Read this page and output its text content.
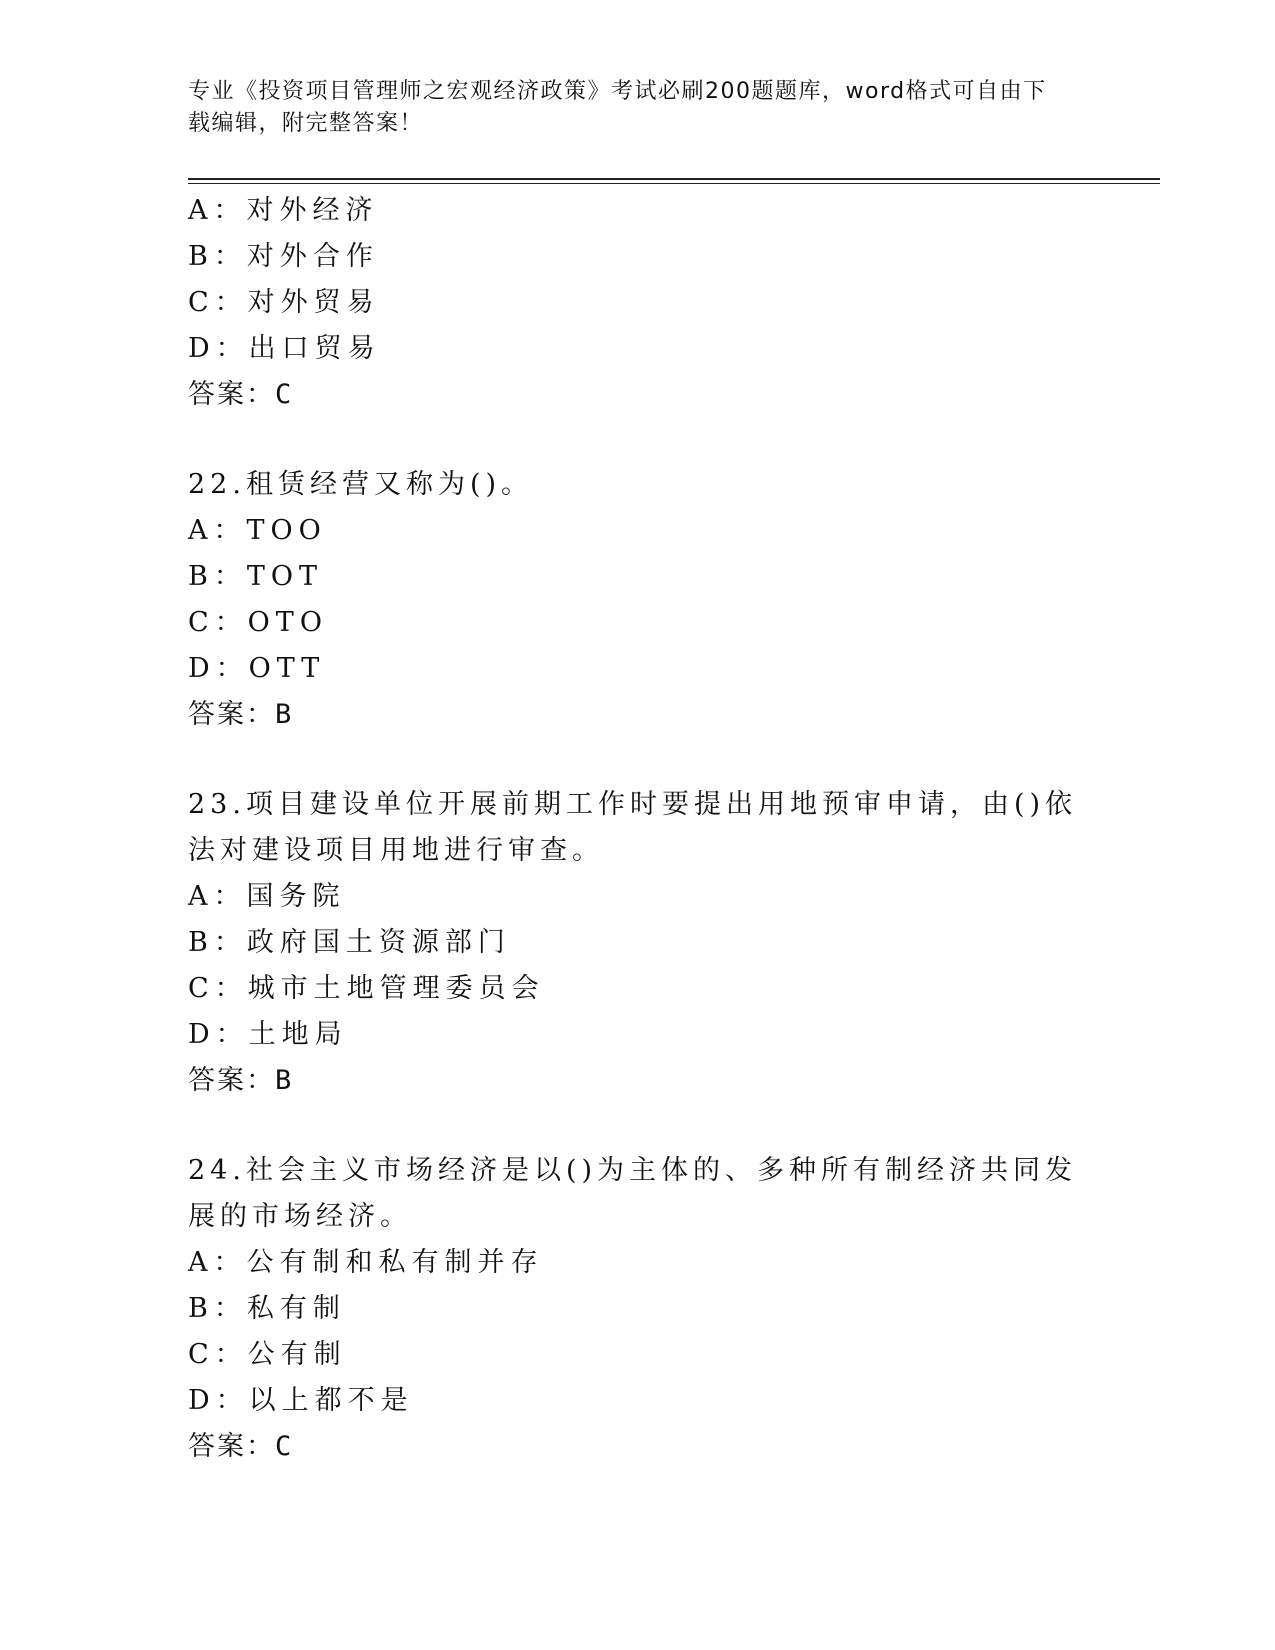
专业《投资项目管理师之宏观经济政策》考试必刷200题题库，word格式可自由下载编辑，附完整答案！
A：对外经济
B：对外合作
C：对外贸易
D：出口贸易
答案：C
22.租赁经营又称为()。
A：TOO
B：TOT
C：OTO
D：OTT
答案：B
23.项目建设单位开展前期工作时要提出用地预审申请，由()依法对建设项目用地进行审查。
A：国务院
B：政府国土资源部门
C：城市土地管理委员会
D：土地局
答案：B
24.社会主义市场经济是以()为主体的、多种所有制经济共同发展的市场经济。
A：公有制和私有制并存
B：私有制
C：公有制
D：以上都不是
答案：C
